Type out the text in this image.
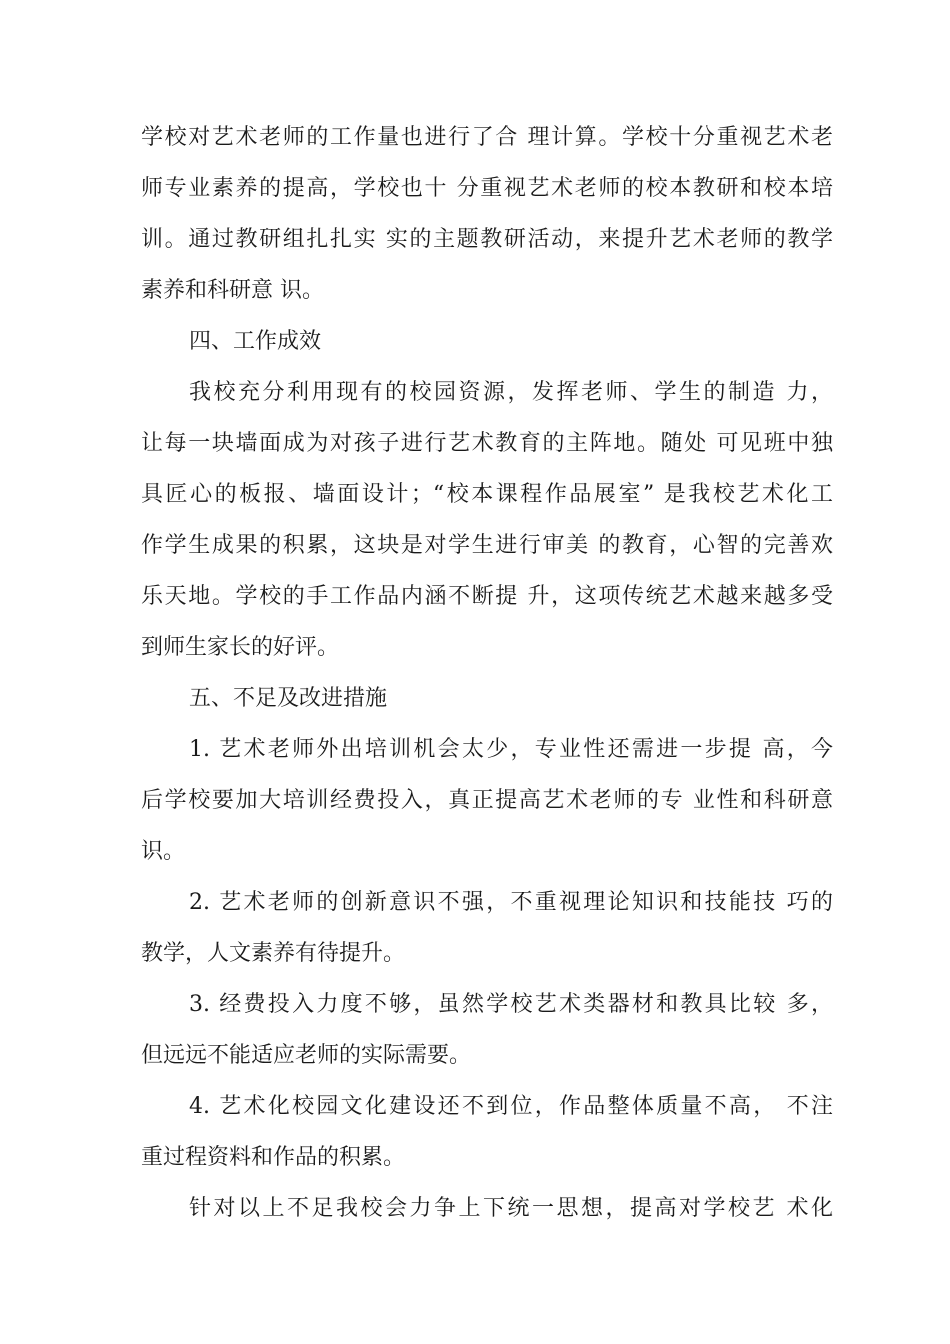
学校对艺术老师的工作量也进行了合 理计算。学校十分重视艺术老
师专业素养的提高，学校也十 分重视艺术老师的校本教研和校本培
训。通过教研组扎扎实 实的主题教研活动，来提升艺术老师的教学
素养和科研意 识。
四、工作成效
我校充分利用现有的校园资源，发挥老师、学生的制造 力，
让每一块墙面成为对孩子进行艺术教育的主阵地。随处 可见班中独
具匠心的板报、墙面设计；“校本课程作品展室” 是我校艺术化工
作学生成果的积累，这块是对学生进行审美 的教育，心智的完善欢
乐天地。学校的手工作品内涵不断提 升，这项传统艺术越来越多受
到师生家长的好评。
五、不足及改进措施
1. 艺术老师外出培训机会太少，专业性还需进一步提 高，今
后学校要加大培训经费投入，真正提高艺术老师的专 业性和科研意
识。
2. 艺术老师的创新意识不强，不重视理论知识和技能技 巧的
教学，人文素养有待提升。
3. 经费投入力度不够，虽然学校艺术类器材和教具比较 多，
但远远不能适应老师的实际需要。
4. 艺术化校园文化建设还不到位，作品整体质量不高， 不注
重过程资料和作品的积累。
针对以上不足我校会力争上下统一思想，提高对学校艺 术化
